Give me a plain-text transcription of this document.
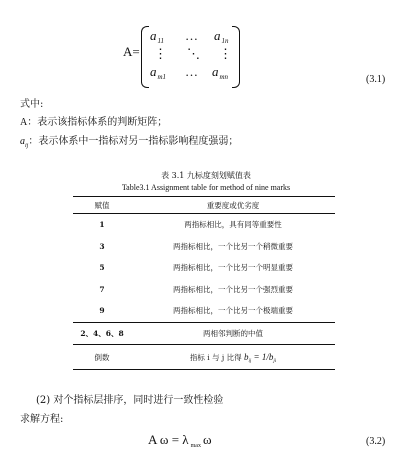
A=
$a_{11}$ … $a_{1n}$
⋮ ⋱ ⋮
$a_{m1}$ … $a_{mn}$	(3.1)
式中:
A：表示该指标体系的判断矩阵；
$a_{ij}$：表示体系中一指标对另一指标影响程度强弱；
表 3.1 九标度刻划赋值表
Table3.1 Assignment table for method of nine marks
赋值	重要度或优劣度
1	两指标相比，具有同等重要性
3	两指标相比，一个比另一个稍微重要
5	两指标相比，一个比另一个明显重要
7	两指标相比，一个比另一个强烈重要
9	两指标相比，一个比另一个极端重要
2、4、6、8	两相邻判断的中值
倒数	指标 i 与 j 比得 $b_{ij} = 1/b_{ji}$
(2) 对个指标层排序，同时进行一致性检验
求解方程:
A ω = λ $_{max}$ ω	(3.2)
